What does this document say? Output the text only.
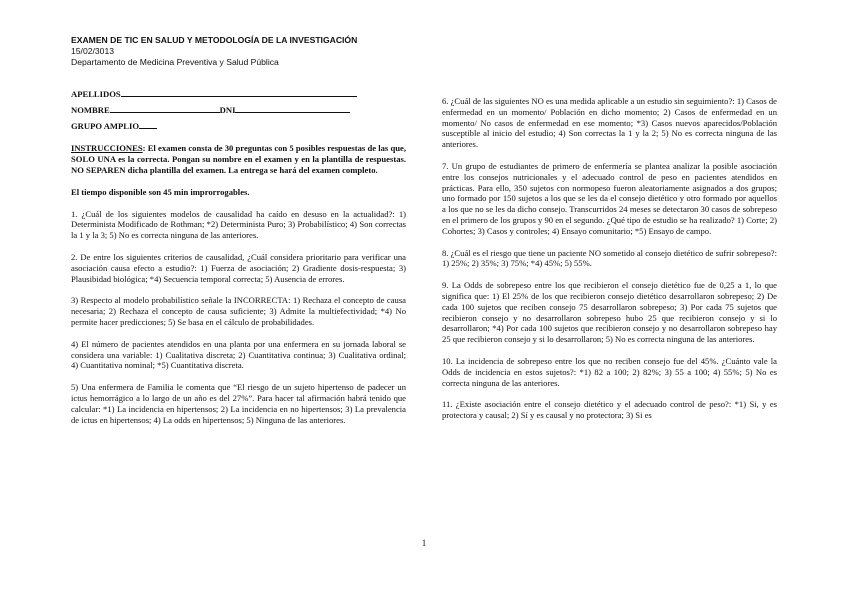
EXAMEN DE TIC EN SALUD Y METODOLOGÍA DE LA INVESTIGACIÓN
15/02/3013
Departamento de Medicina Preventiva y Salud Pública

APELLIDOS

NOMBRE	DNI

GRUPO AMPLIO

INSTRUCCIONES: El examen consta de 30 preguntas con 5 posibles respuestas de las que, SOLO UNA es la correcta. Pongan su nombre en el examen y en la plantilla de respuestas. NO SEPAREN dicha plantilla del examen. La entrega se hará del examen completo.

El tiempo disponible son 45 min improrrogables.

1. ¿Cuál de los siguientes modelos de causalidad ha caído en desuso en la actualidad?: 1) Determinista Modificado de Rothman; *2) Determinista Puro; 3) Probabilístico; 4) Son correctas la 1 y la 3; 5) No es correcta ninguna de las anteriores.

2. De entre los siguientes criterios de causalidad, ¿Cuál considera prioritario para verificar una asociación causa efecto a estudio?: 1) Fuerza de asociación; 2) Gradiente dosis-respuesta; 3) Plausibidad biológica; *4) Secuencia temporal correcta; 5) Ausencia de errores.

3) Respecto al modelo probabilístico señale la INCORRECTA: 1) Rechaza el concepto de causa necesaria; 2) Rechaza el concepto de causa suficiente; 3) Admite la multiefectividad; *4) No permite hacer predicciones; 5) Se basa en el cálculo de probabilidades.

4) El número de pacientes atendidos en una planta por una enfermera en su jornada laboral se considera una variable: 1) Cualitativa discreta; 2) Cuantitativa continua; 3) Cualitativa ordinal; 4) Cuantitativa nominal; *5) Cuantitativa discreta.

5) Una enfermera de Familia le comenta que “El riesgo de un sujeto hipertenso de padecer un ictus hemorrágico a lo largo de un año es del 27%”. Para hacer tal afirmación habrá tenido que calcular: *1) La incidencia en hipertensos; 2) La incidencia en no hipertensos; 3) La prevalencia de ictus en hipertensos; 4) La odds en hipertensos; 5) Ninguna de las anteriores.

6. ¿Cuál de las siguientes NO es una medida aplicable a un estudio sin seguimiento?: 1) Casos de enfermedad en un momento/ Población en dicho momento; 2) Casos de enfermedad en un momento/ No casos de enfermedad en ese momento; *3) Casos nuevos aparecidos/Población susceptible al inicio del estudio; 4) Son correctas la 1 y la 2; 5) No es correcta ninguna de las anteriores.

7. Un grupo de estudiantes de primero de enfermería se plantea analizar la posible asociación entre los consejos nutricionales y el adecuado control de peso en pacientes atendidos en prácticas. Para ello, 350 sujetos con normopeso fueron aleatoriamente asignados a dos grupos; uno formado por 150 sujetos a los que se les da el consejo dietético y otro formado por aquellos a los que no se les da dicho consejo. Transcurridos 24 meses se detectaron 30 casos de sobrepeso en el primero de los grupos y 90 en el segundo. ¿Qué tipo de estudio se ha realizado? 1) Corte; 2) Cohortes; 3) Casos y controles; 4) Ensayo comunitario; *5) Ensayo de campo.

8. ¿Cuál es el riesgo que tiene un paciente NO sometido al consejo dietético de sufrir sobrepeso?: 1) 25%; 2) 35%; 3) 75%; *4) 45%; 5) 55%.

9. La Odds de sobrepeso entre los que recibieron el consejo dietético fue de 0,25 a 1, lo que significa que: 1) El 25% de los que recibieron consejo dietético desarrollaron sobrepeso; 2) De cada 100 sujetos que reciben consejo 75 desarrollaron sobrepeso; 3) Por cada 75 sujetos que recibieron consejo y no desarrollaron sobrepeso hubo 25 que recibieron consejo y si lo desarrollaron; *4) Por cada 100 sujetos que recibieron consejo y no desarrollaron sobrepeso hay 25 que recibieron consejo y si lo desarrollaron; 5) No es correcta ninguna de las anteriores.

10. La incidencia de sobrepeso entre los que no reciben consejo fue del 45%. ¿Cuánto vale la Odds de incidencia en estos sujetos?: *1) 82 a 100; 2) 82%; 3) 55 a 100; 4) 55%; 5) No es correcta ninguna de las anteriores.

11. ¿Existe asociación entre el consejo dietético y el adecuado control de peso?: *1) Si, y es protectora y causal; 2) Sí y es causal y no protectora; 3) Si es

1
